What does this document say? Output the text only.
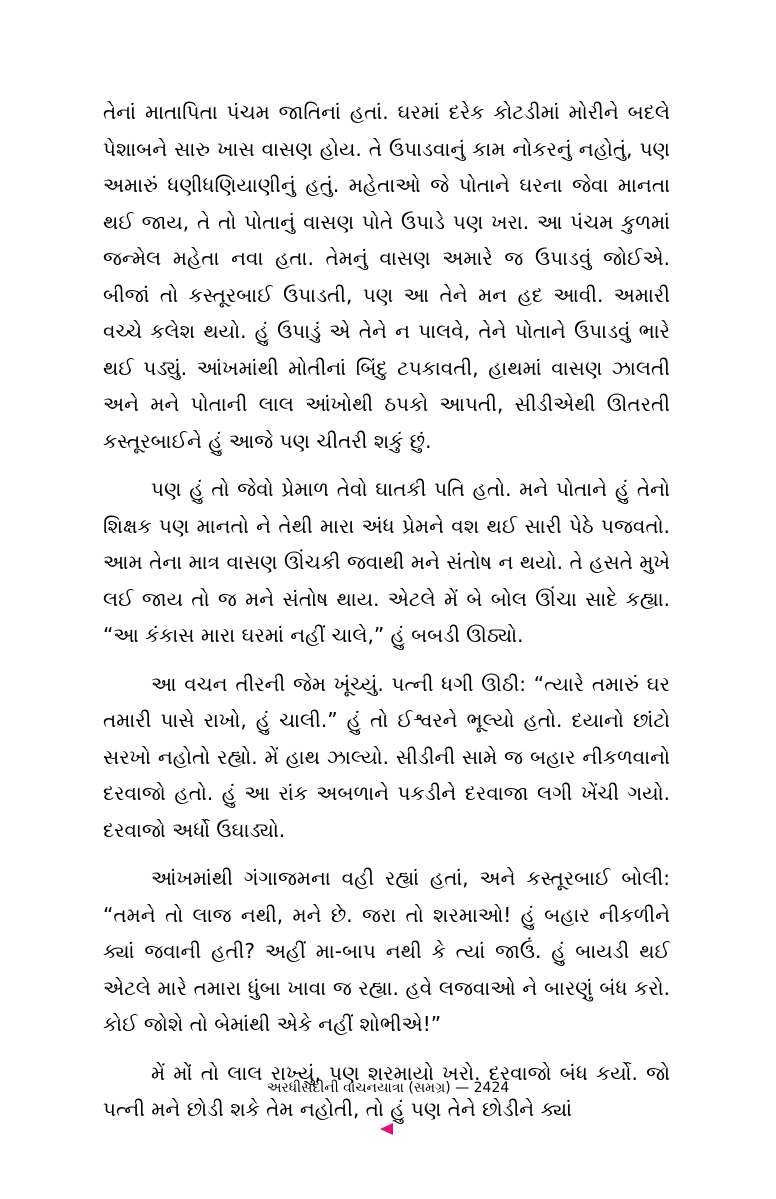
તેનાં માતાપિતા પંચમ જાતિનાં હતાં. ઘરમાં દરેક કોટડીમાં મોરીને બદલે પેશાબને સારુ ખાસ વાસણ હોય. તે ઉપાડવાનું કામ નોકરનું નહોતું, પણ અમારું ધણીધણિયાણીનું હતું. મહેતાઓ જે પોતાને ઘરના જેવા માનતા થઈ જાય, તે તો પોતાનું વાસણ પોતે ઉપાડે પણ ખરા. આ પંચમ કુળમાં જન્મેલ મહેતા નવા હતા. તેમનું વાસણ અમારે જ ઉપાડવું જોઈએ. બીજાં તો કસ્તૂરબાઈ ઉપાડતી, પણ આ તેને મન હદ આવી. અમારી વચ્ચે કલેશ થયો. હું ઉપાડું એ તેને ન પાલવે, તેને પોતાને ઉપાડવું ભારે થઈ પડ્યું. આંખમાંથી મોતીનાં બિંદુ ટપકાવતી, હાથમાં વાસણ ઝાલતી અને મને પોતાની લાલ આંખોથી ઠપકો આપતી, સીડીએથી ઊતરતી કસ્તૂરબાઈને હું આજે પણ ચીતરી શકું છું.

પણ હું તો જેવો પ્રેમાળ તેવો ઘાતકી પતિ હતો. મને પોતાને હું તેનો શિક્ષક પણ માનતો ને તેથી મારા અંધ પ્રેમને વશ થઈ સારી પેઠે પજવતો. આમ તેના માત્ર વાસણ ઊંચકી જવાથી મને સંતોષ ન થયો. તે હસતે મુખે લઈ જાય તો જ મને સંતોષ થાય. એટલે મેં બે બોલ ઊંચા સાદે કહ્યા. “આ કંકાસ મારા ઘરમાં નહીં ચાલે,” હું બબડી ઊઠ્યો.

આ વચન તીરની જેમ ખૂંચ્યું. પત્ની ધગી ઊઠી: “ત્યારે તમારું ઘર તમારી પાસે રાખો, હું ચાલી.” હું તો ઈશ્વરને ભૂલ્યો હતો. દયાનો છાંટો સરખો નહોતો રહ્યો. મેં હાથ ઝાલ્યો. સીડીની સામે જ બહાર નીકળવાનો દરવાજો હતો. હું આ રાંક અબળાને પકડીને દરવાજા લગી ખેંચી ગયો. દરવાજો અર્ધો ઉઘાડ્યો.

આંખમાંથી ગંગાજમના વહી રહ્યાં હતાં, અને કસ્તૂરબાઈ બોલી: “તમને તો લાજ નથી, મને છે. જરા તો શરમાઓ! હું બહાર નીકળીને ક્યાં જવાની હતી? અહીં મા-બાપ નથી કે ત્યાં જાઉં. હું બાયડી થઈ એટલે મારે તમારા ધુંબા ખાવા જ રહ્યા. હવે લજવાઓ ને બારણું બંધ કરો. કોઈ જોશે તો બેમાંથી એકે નહીં શોભીએ!”

મેં મોં તો લાલ રાખ્યું, પણ શરમાયો ખરો. દરવાજો બંધ કર્યો. જો પત્ની મને છોડી શકે તેમ નહોતી, તો હું પણ તેને છોડીને ક્યાં

અરધીસદીની વાચનયાત્રા (સમગ્ર) — 2424
